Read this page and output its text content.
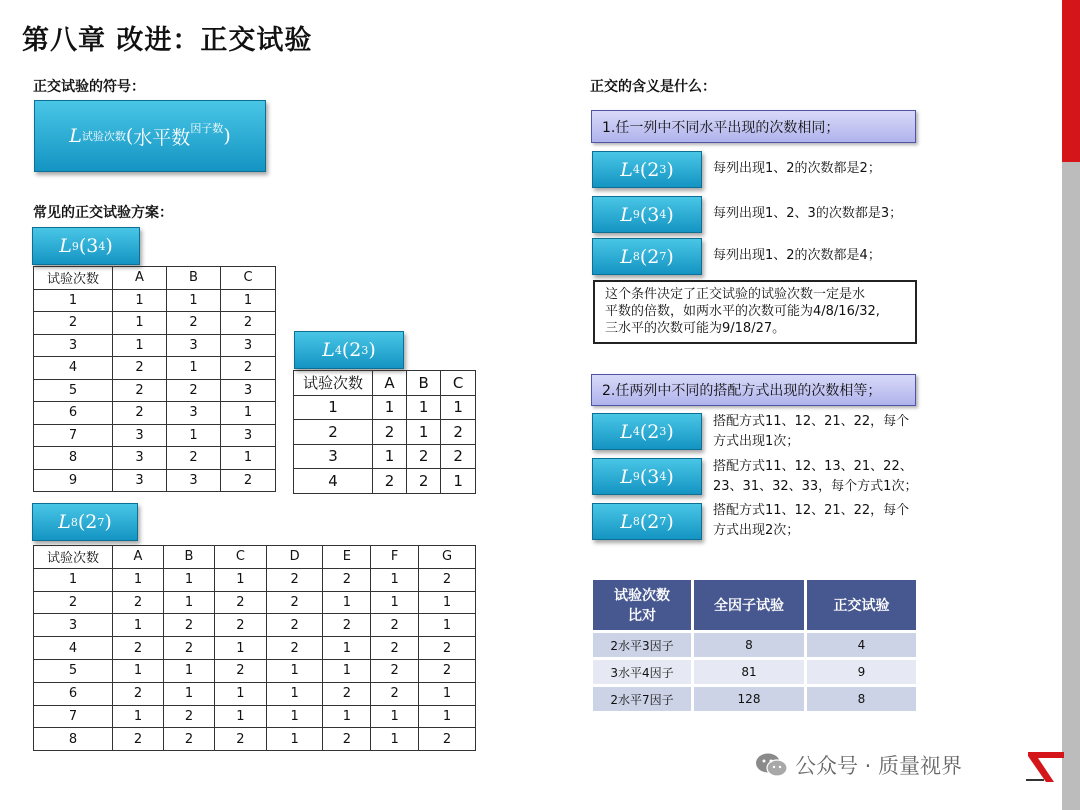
第八章 改进：正交试验
正交试验的符号：
L 试验次数 ( 水平数$^{因子数}$ )
常见的正交试验方案：
L 9 ( 3 4 )
试验次数	A	B	C
1	1	1	1
2	1	2	2
3	1	3	3
4	2	1	2
5	2	2	3
6	2	3	1
7	3	1	3
8	3	2	1
9	3	3	2
L 4 ( 2 3 )
试验次数	A	B	C
1	1	1	1
2	2	1	2
3	1	2	2
4	2	2	1
L 8 ( 2 7 )
试验次数	A	B	C	D	E	F	G
1	1	1	1	2	2	1	2
2	2	1	2	2	1	1	1
3	1	2	2	2	2	2	1
4	2	2	1	2	1	2	2
5	1	1	2	1	1	2	2
6	2	1	1	1	2	2	1
7	1	2	1	1	1	1	1
8	2	2	2	1	2	1	2
正交的含义是什么：
1.任一列中不同水平出现的次数相同；
L 4 ( 2 3 )	每列出现1、2的次数都是2；
L 9 ( 3 4 )	每列出现1、2、3的次数都是3；
L 8 ( 2 7 )	每列出现1、2的次数都是4；
这个条件决定了正交试验的试验次数一定是水
平数的倍数，如两水平的次数可能为4/8/16/32,
三水平的次数可能为9/18/27。
2.任两列中不同的搭配方式出现的次数相等；
L 4 ( 2 3 )	搭配方式11、12、21、22，每个
方式出现1次；
L 9 ( 3 4 )	搭配方式11、12、13、21、22、
23、31、32、33，每个方式1次；
L 8 ( 2 7 )	搭配方式11、12、21、22，每个
方式出现2次；
试验次数
比对	全因子试验	正交试验
2水平3因子	8	4
3水平4因子	81	9
2水平7因子	128	8
公众号 · 质量视界
